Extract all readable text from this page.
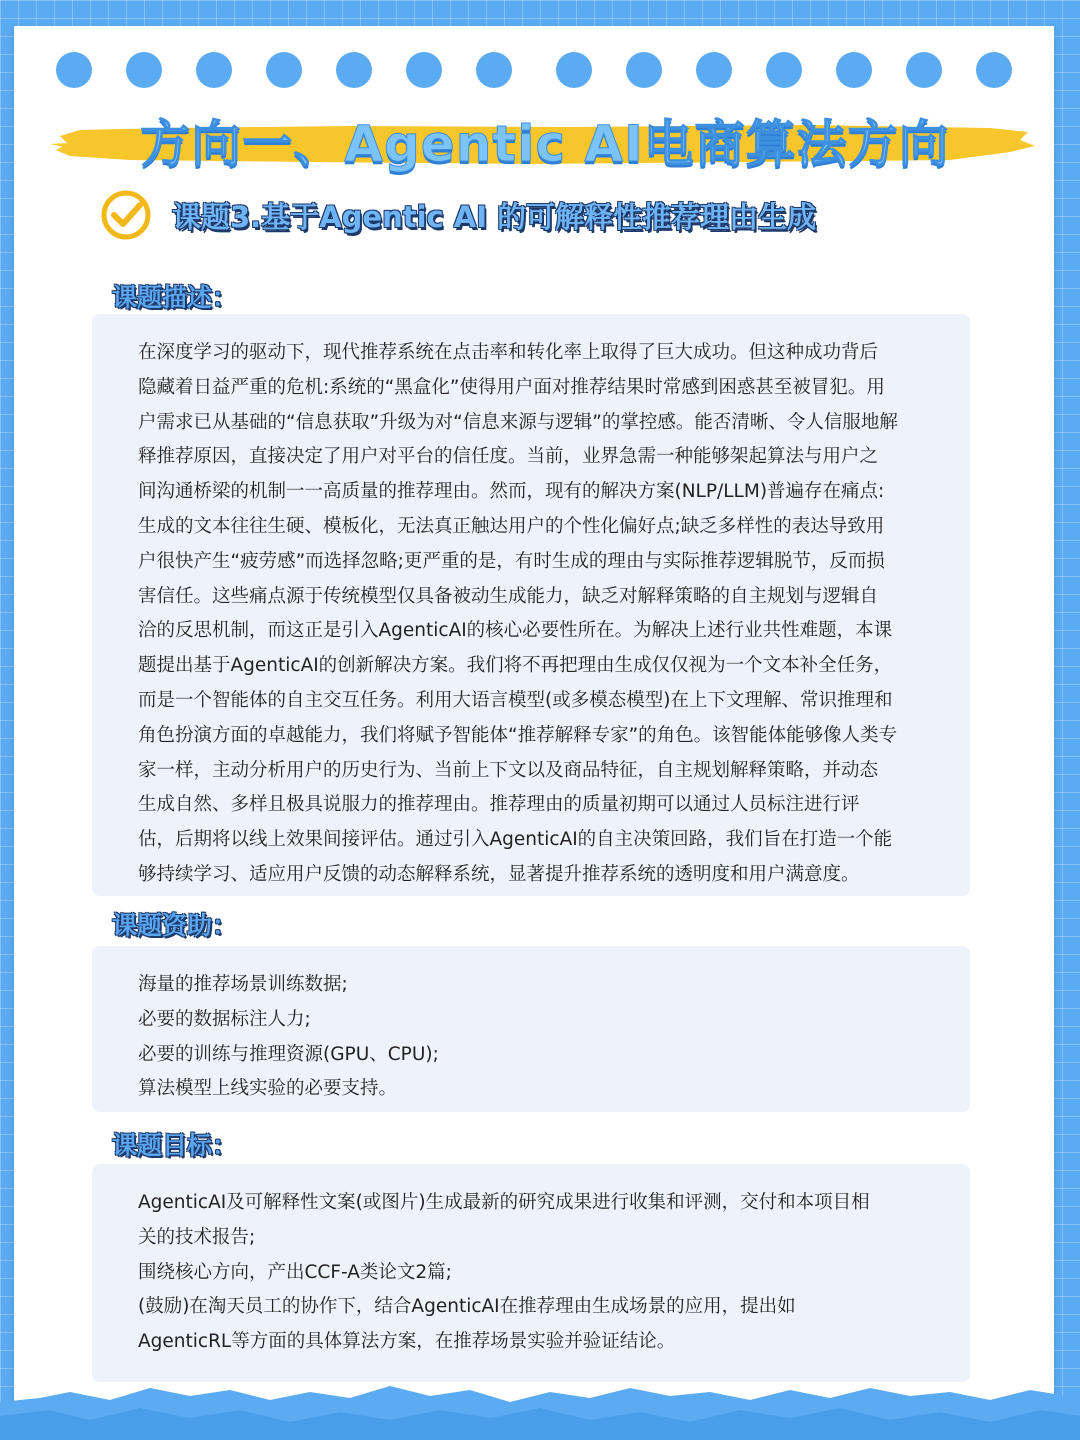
方向一、Agentic AI电商算法方向
课题3.基于Agentic AI 的可解释性推荐理由生成
课题描述：

在深度学习的驱动下，现代推荐系统在点击率和转化率上取得了巨大成功。但这种成功背后

隐藏着日益严重的危机:系统的“黑盒化”使得用户面对推荐结果时常感到困惑甚至被冒犯。用

户需求已从基础的“信息获取”升级为对“信息来源与逻辑”的掌控感。能否清晰、令人信服地解

释推荐原因，直接决定了用户对平台的信任度。当前，业界急需一种能够架起算法与用户之

间沟通桥梁的机制一一高质量的推荐理由。然而，现有的解决方案(NLP/LLM)普遍存在痛点:

生成的文本往往生硬、模板化，无法真正触达用户的个性化偏好点;缺乏多样性的表达导致用

户很快产生“疲劳感”而选择忽略;更严重的是，有时生成的理由与实际推荐逻辑脱节，反而损

害信任。这些痛点源于传统模型仅具备被动生成能力，缺乏对解释策略的自主规划与逻辑自

洽的反思机制，而这正是引入AgenticAI的核心必要性所在。为解决上述行业共性难题，本课

题提出基于AgenticAI的创新解决方案。我们将不再把理由生成仅仅视为一个文本补全任务，

而是一个智能体的自主交互任务。利用大语言模型(或多模态模型)在上下文理解、常识推理和

角色扮演方面的卓越能力，我们将赋予智能体“推荐解释专家”的角色。该智能体能够像人类专

家一样，主动分析用户的历史行为、当前上下文以及商品特征，自主规划解释策略，并动态

生成自然、多样且极具说服力的推荐理由。推荐理由的质量初期可以通过人员标注进行评

估，后期将以线上效果间接评估。通过引入AgenticAI的自主决策回路，我们旨在打造一个能

够持续学习、适应用户反馈的动态解释系统，显著提升推荐系统的透明度和用户满意度。

课题资助：

海量的推荐场景训练数据;

必要的数据标注人力;

必要的训练与推理资源(GPU、CPU);

算法模型上线实验的必要支持。

课题目标：

AgenticAI及可解释性文案(或图片)生成最新的研究成果进行收集和评测，交付和本项目相

关的技术报告;

围绕核心方向，产出CCF-A类论文2篇;

(鼓励)在淘天员工的协作下，结合AgenticAI在推荐理由生成场景的应用，提出如

AgenticRL等方面的具体算法方案，在推荐场景实验并验证结论。
